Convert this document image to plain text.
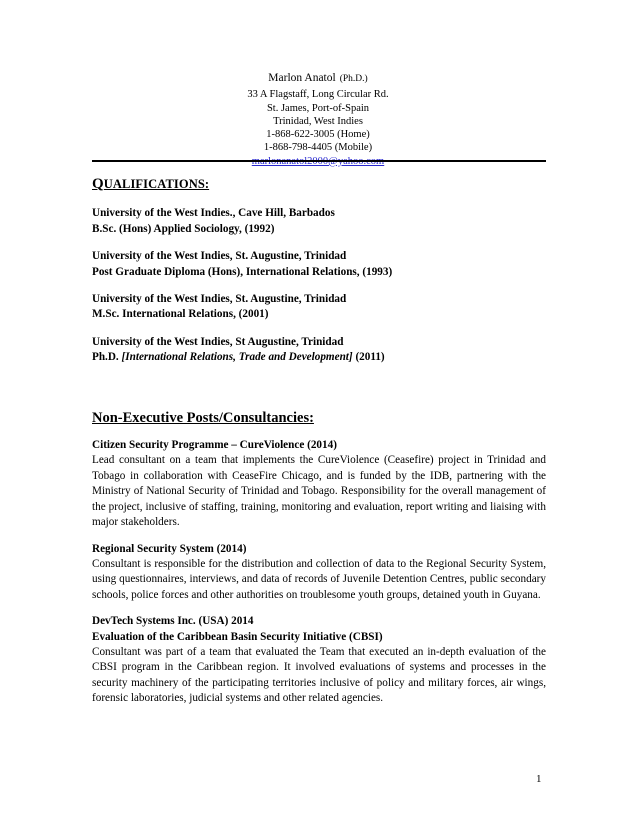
Marlon Anatol (Ph.D.)
33 A Flagstaff, Long Circular Rd.
St. James, Port-of-Spain
Trinidad, West Indies
1-868-622-3005 (Home)
1-868-798-4405 (Mobile)
marlonanatol2000@yahoo.com
QUALIFICATIONS:
University of the West Indies., Cave Hill, Barbados
B.Sc. (Hons) Applied Sociology, (1992)
University of the West Indies, St. Augustine, Trinidad
Post Graduate Diploma (Hons), International Relations, (1993)
University of the West Indies, St. Augustine, Trinidad
M.Sc. International Relations, (2001)
University of the West Indies, St Augustine, Trinidad
Ph.D. [International Relations, Trade and Development] (2011)
Non-Executive Posts/Consultancies:
Citizen Security Programme – CureViolence (2014)
Lead consultant on a team that implements the CureViolence (Ceasefire) project in Trinidad and Tobago in collaboration with CeaseFire Chicago, and is funded by the IDB, partnering with the Ministry of National Security of Trinidad and Tobago. Responsibility for the overall management of the project, inclusive of staffing, training, monitoring and evaluation, report writing and liaising with major stakeholders.
Regional Security System (2014)
Consultant is responsible for the distribution and collection of data to the Regional Security System, using questionnaires, interviews, and data of records of Juvenile Detention Centres, public secondary schools, police forces and other authorities on troublesome youth groups, detained youth in Guyana.
DevTech Systems Inc. (USA) 2014
Evaluation of the Caribbean Basin Security Initiative (CBSI)
Consultant was part of a team that evaluated the Team that executed an in-depth evaluation of the CBSI program in the Caribbean region. It involved evaluations of systems and processes in the security machinery of the participating territories inclusive of policy and military forces, air wings, forensic laboratories, judicial systems and other related agencies.
1
